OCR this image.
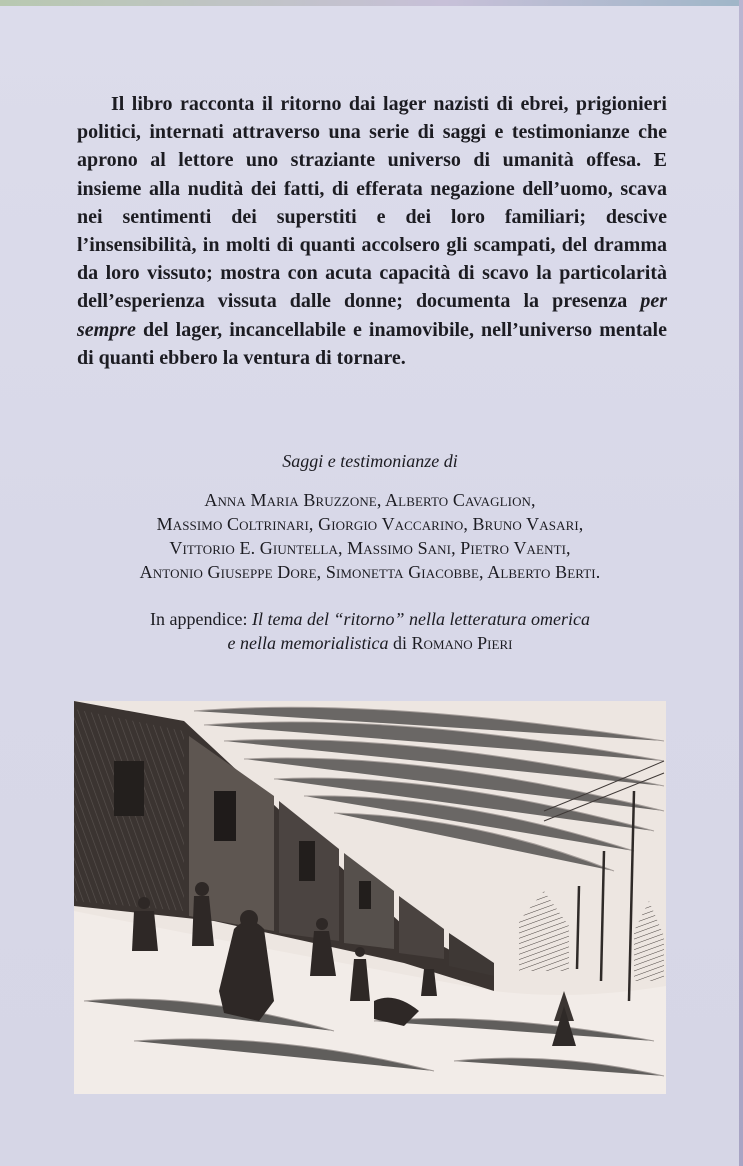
Il libro racconta il ritorno dai lager nazisti di ebrei, prigionieri politici, internati attraverso una serie di saggi e testimonianze che aprono al lettore uno straziante universo di umanità offesa. E insieme alla nudità dei fatti, di efferata negazione dell’uomo, scava nei sentimenti dei superstiti e dei loro familiari; descive l’insensibilità, in molti di quanti accolsero gli scampati, del dramma da loro vissuto; mostra con acuta capacità di scavo la particolarità dell’esperienza vissuta dalle donne; documenta la presenza per sempre del lager, incancellabile e inamovibile, nell’universo mentale di quanti ebbero la ventura di tornare.

Saggi e testimonianze di

Anna Maria Bruzzone, Alberto Cavaglion,

Massimo Coltrinari, Giorgio Vaccarino, Bruno Vasari,

Vittorio E. Giuntella, Massimo Sani, Pietro Vaenti,

Antonio Giuseppe Dore, Simonetta Giacobbe, Alberto Berti.

In appendice: Il tema del “ritorno” nella letteratura omerica
e nella memorialistica di Romano Pieri
